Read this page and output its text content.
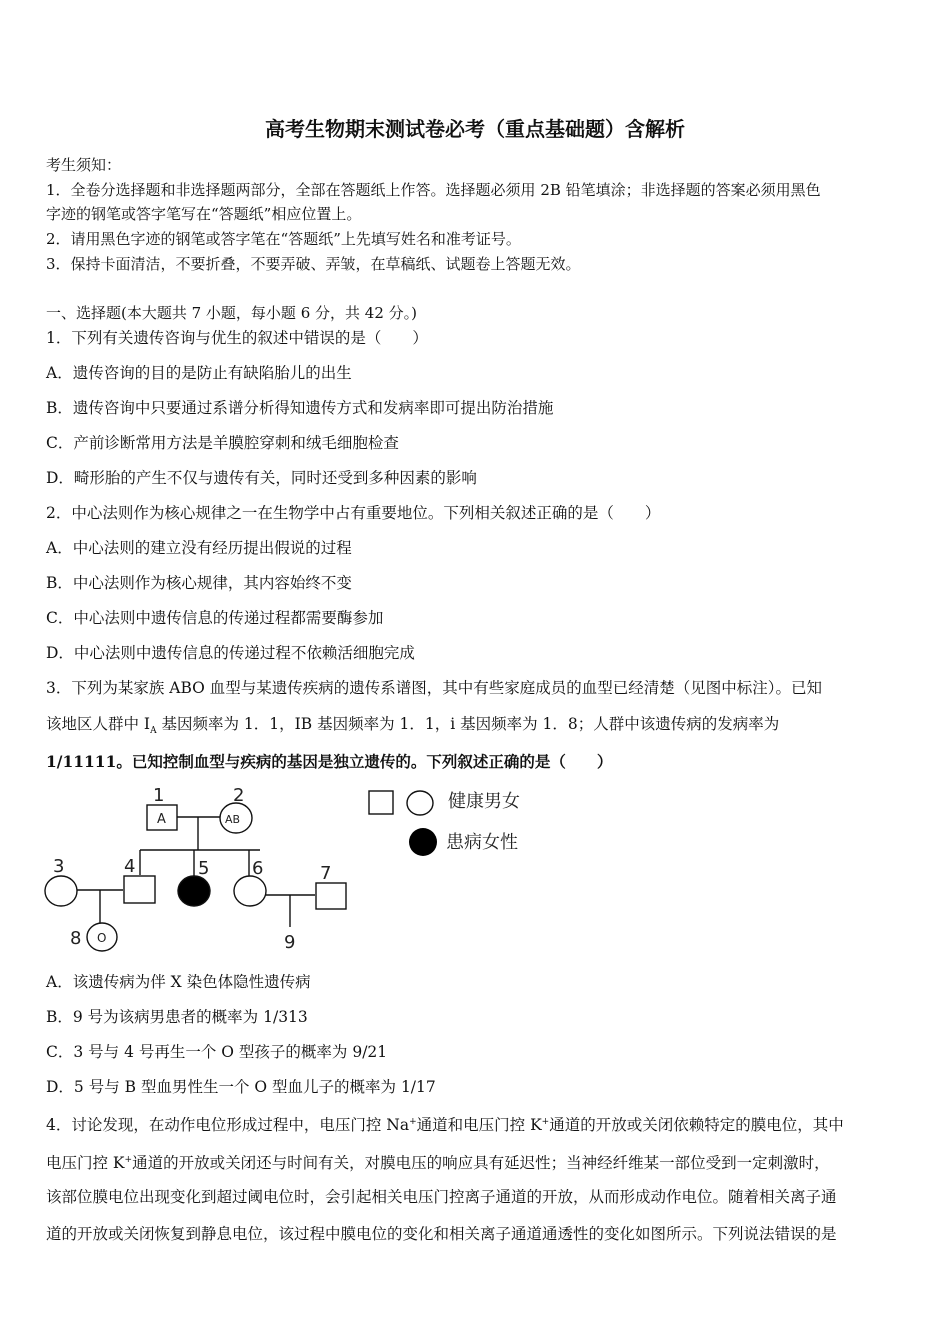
高考生物期末测试卷必考（重点基础题）含解析
考生须知：
1．全卷分选择题和非选择题两部分，全部在答题纸上作答。选择题必须用 2B 铅笔填涂；非选择题的答案必须用黑色
字迹的钢笔或答字笔写在“答题纸”相应位置上。
2．请用黑色字迹的钢笔或答字笔在“答题纸”上先填写姓名和准考证号。
3．保持卡面清洁，不要折叠，不要弄破、弄皱，在草稿纸、试题卷上答题无效。
一、选择题(本大题共 7 小题，每小题 6 分，共 42 分。)
1．下列有关遗传咨询与优生的叙述中错误的是（　　）
A．遗传咨询的目的是防止有缺陷胎儿的出生
B．遗传咨询中只要通过系谱分析得知遗传方式和发病率即可提出防治措施
C．产前诊断常用方法是羊膜腔穿刺和绒毛细胞检查
D．畸形胎的产生不仅与遗传有关，同时还受到多种因素的影响
2．中心法则作为核心规律之一在生物学中占有重要地位。下列相关叙述正确的是（　　）
A．中心法则的建立没有经历提出假说的过程
B．中心法则作为核心规律，其内容始终不变
C．中心法则中遗传信息的传递过程都需要酶参加
D．中心法则中遗传信息的传递过程不依赖活细胞完成
3．下列为某家族 ABO 血型与某遗传疾病的遗传系谱图，其中有些家庭成员的血型已经清楚（见图中标注）。已知
该地区人群中 $I_A$ 基因频率为 1．1，IB 基因频率为 1．1，i 基因频率为 1．8；人群中该遗传病的发病率为
1/11111。已知控制血型与疾病的基因是独立遗传的。下列叙述正确的是（　　）
1	2
3	4	5 6	7
8	9
A	AB
O
健康男女
患病女性
A．该遗传病为伴 X 染色体隐性遗传病
B．9 号为该病男患者的概率为 1/313
C．3 号与 4 号再生一个 O 型孩子的概率为 9/21
D．5 号与 B 型血男性生一个 O 型血儿子的概率为 1/17
4．讨论发现，在动作电位形成过程中，电压门控 Na+通道和电压门控 K+通道的开放或关闭依赖特定的膜电位，其中
电压门控 K+通道的开放或关闭还与时间有关，对膜电压的响应具有延迟性；当神经纤维某一部位受到一定刺激时，
该部位膜电位出现变化到超过阈电位时，会引起相关电压门控离子通道的开放，从而形成动作电位。随着相关离子通
道的开放或关闭恢复到静息电位，该过程中膜电位的变化和相关离子通道通透性的变化如图所示。下列说法错误的是
